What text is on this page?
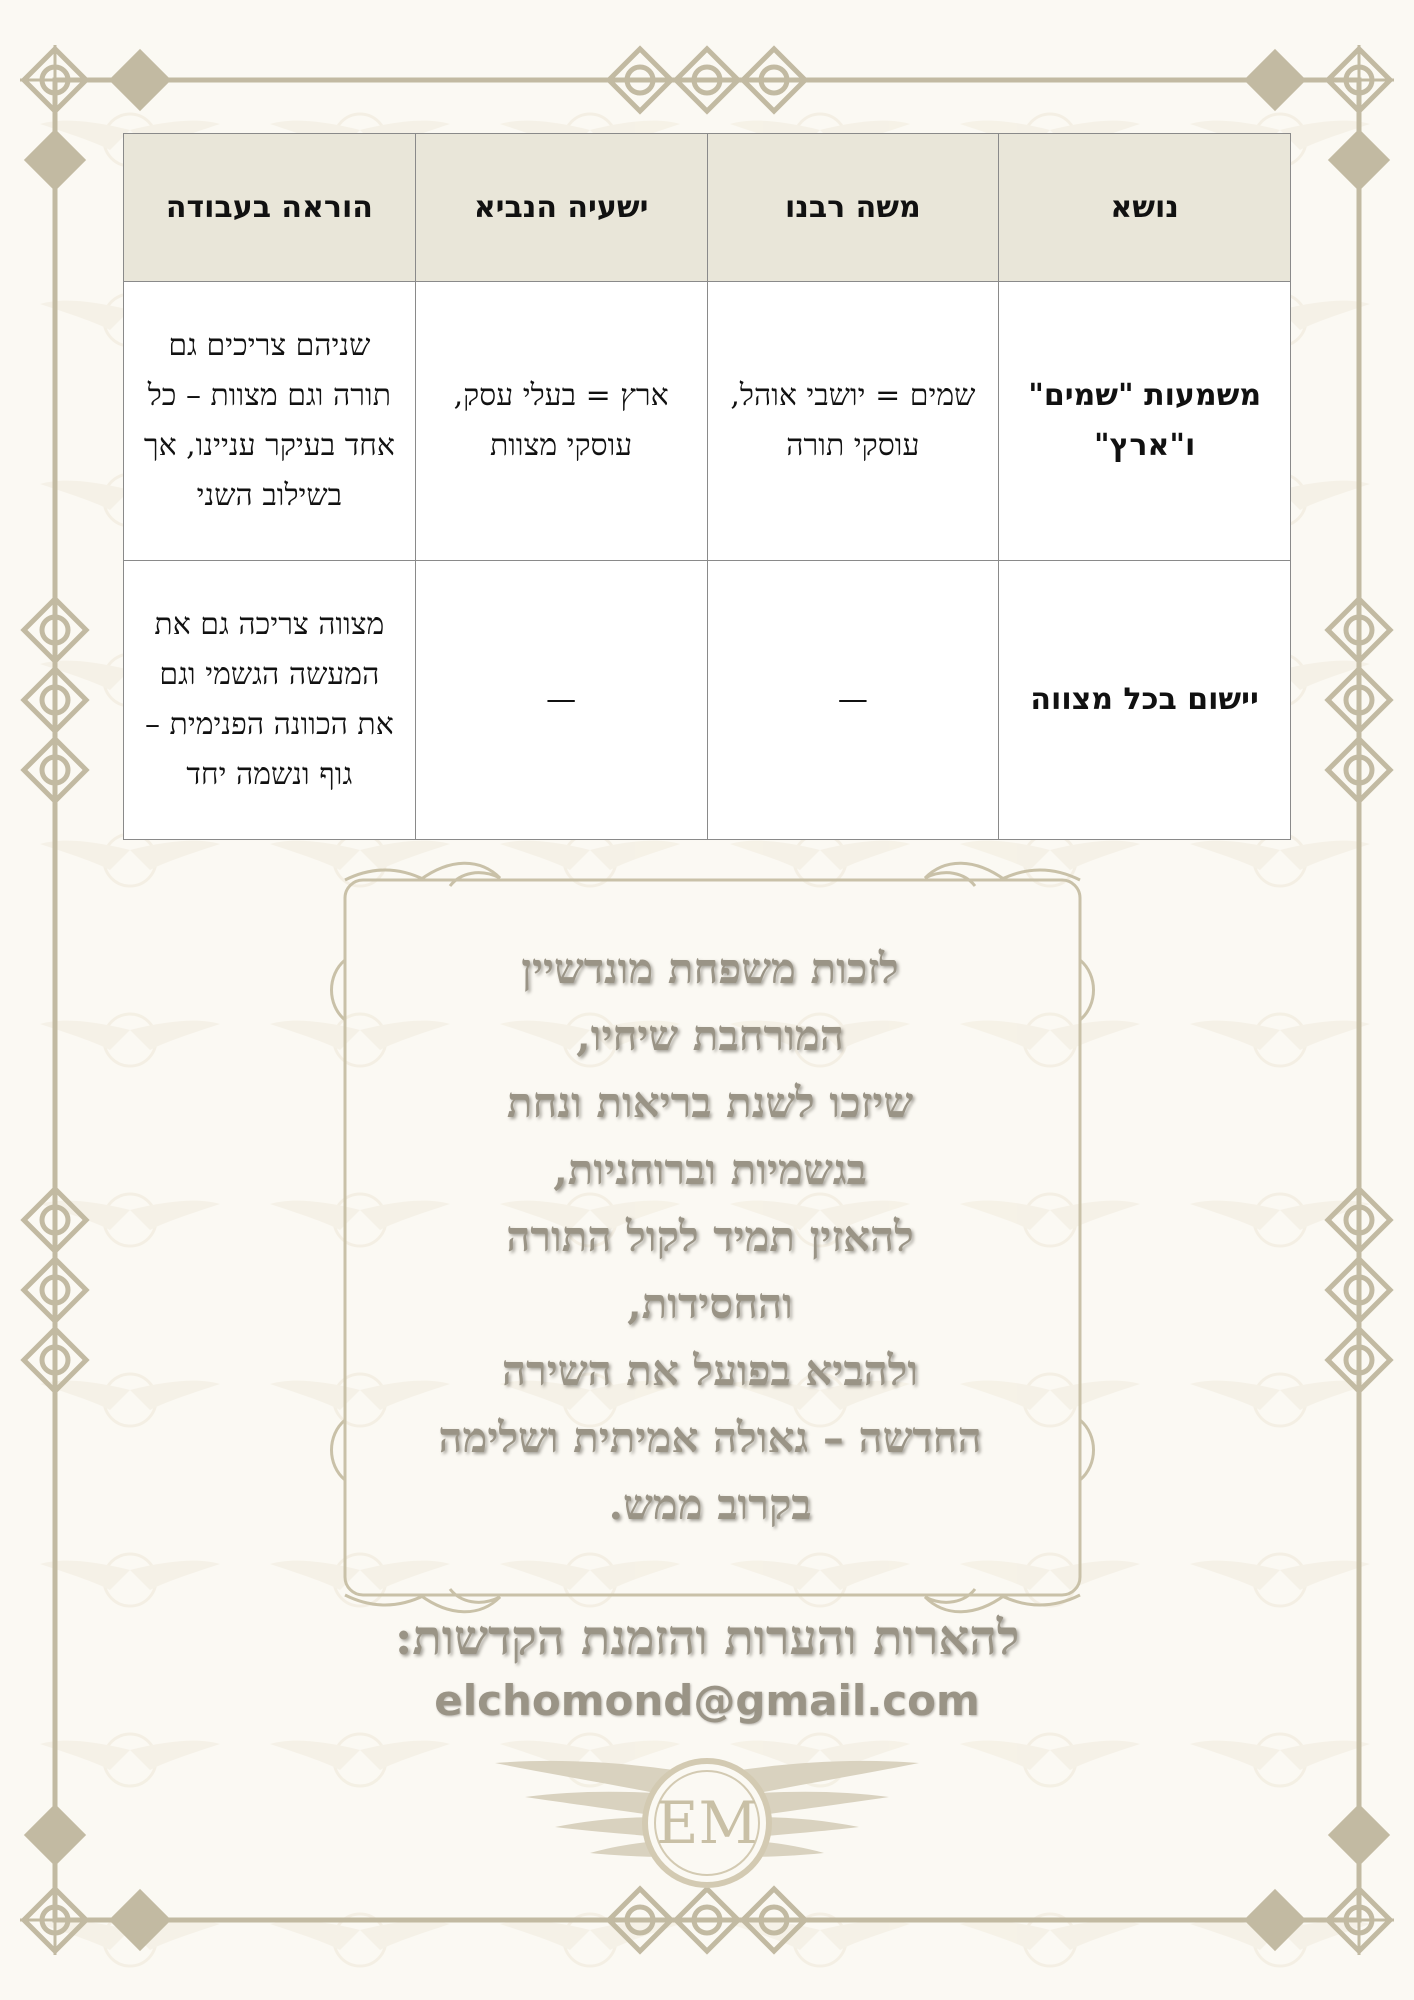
נושא	משה רבנו	ישעיה הנביא	הוראה בעבודה
משמעות "שמים" ו"ארץ"	שמים = יושבי אוהל, עוסקי תורה	ארץ = בעלי עסק, עוסקי מצוות	שניהם צריכים גם תורה וגם מצוות – כל אחד בעיקר עניינו, אך בשילוב השני
יישום בכל מצווה	—	—	מצווה צריכה גם את המעשה הגשמי וגם את הכוונה הפנימית – גוף ונשמה יחד
לזכות משפחת מונדשיין
המורחבת שיחיו,
שיזכו לשנת בריאות ונחת
בגשמיות וברוחניות,
להאזין תמיד לקול התורה
והחסידות,
ולהביא בפועל את השירה
החדשה – גאולה אמיתית ושלימה
בקרוב ממש.
להארות והערות והזמנת הקדשות:
elchomond@gmail.com
EM
